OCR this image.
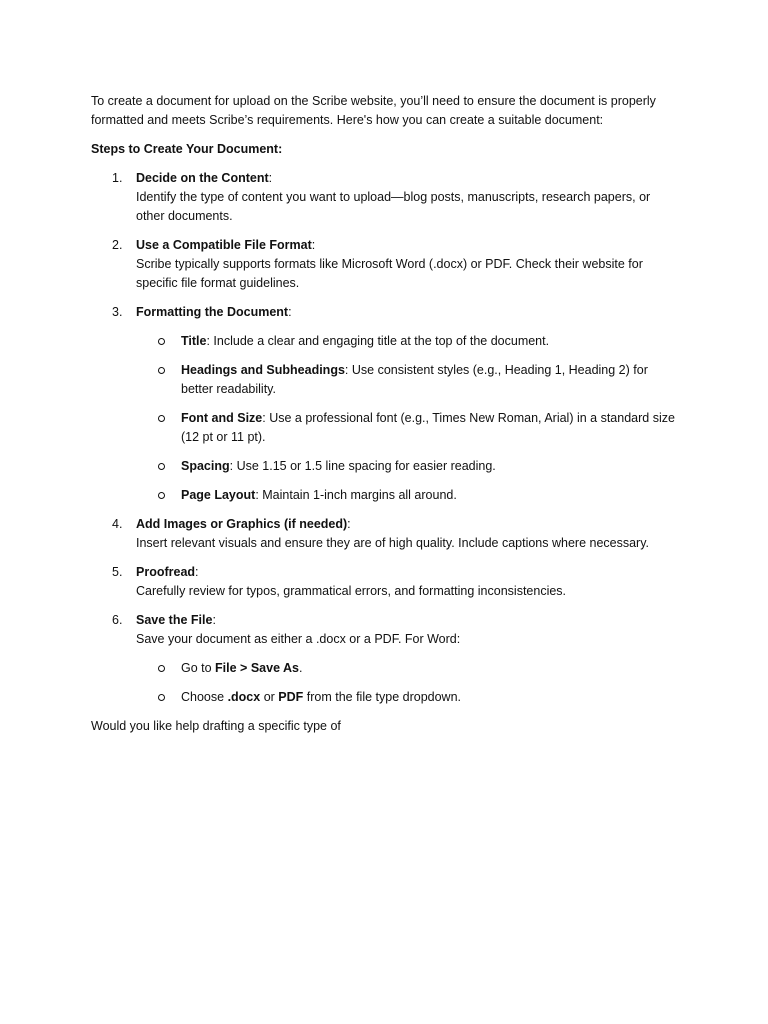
To create a document for upload on the Scribe website, you’ll need to ensure the document is properly formatted and meets Scribe’s requirements. Here's how you can create a suitable document:

Steps to Create Your Document:

1. Decide on the Content:
Identify the type of content you want to upload—blog posts, manuscripts, research papers, or other documents.
2. Use a Compatible File Format:
Scribe typically supports formats like Microsoft Word (.docx) or PDF. Check their website for specific file format guidelines.
3. Formatting the Document:
Title: Include a clear and engaging title at the top of the document.
Headings and Subheadings: Use consistent styles (e.g., Heading 1, Heading 2) for better readability.
Font and Size: Use a professional font (e.g., Times New Roman, Arial) in a standard size (12 pt or 11 pt).
Spacing: Use 1.15 or 1.5 line spacing for easier reading.
Page Layout: Maintain 1-inch margins all around.
4. Add Images or Graphics (if needed):
Insert relevant visuals and ensure they are of high quality. Include captions where necessary.
5. Proofread:
Carefully review for typos, grammatical errors, and formatting inconsistencies.
6. Save the File:
Save your document as either a .docx or a PDF. For Word:
Go to File > Save As.
Choose .docx or PDF from the file type dropdown.

Would you like help drafting a specific type of
